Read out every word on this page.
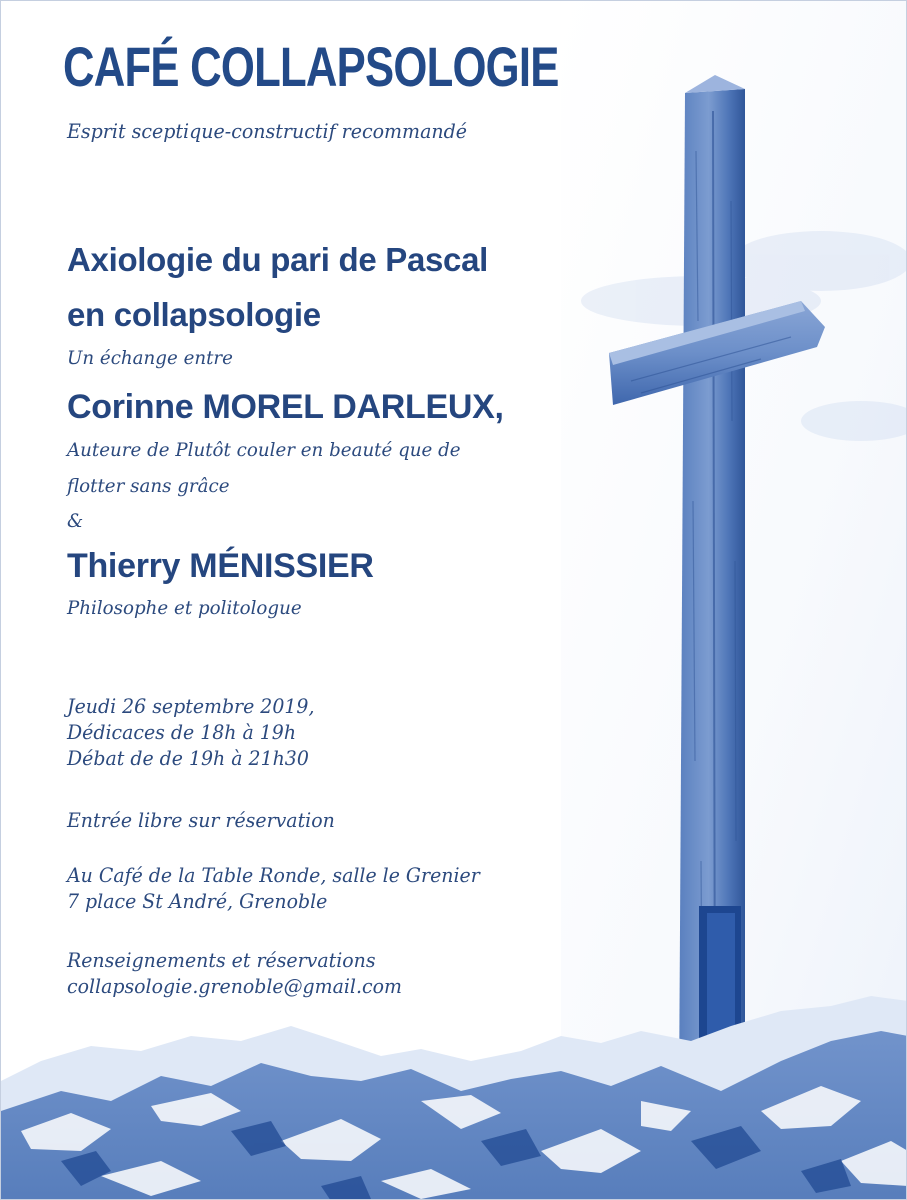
CAFÉ COLLAPSOLOGIE
Esprit sceptique-constructif recommandé
Axiologie du pari de Pascal
en collapsologie
Un échange entre
Corinne MOREL DARLEUX,
Auteure de Plutôt couler en beauté que de
flotter sans grâce
&
Thierry MÉNISSIER
Philosophe et politologue
Jeudi 26 septembre 2019,
Dédicaces de 18h à 19h
Débat de de 19h à 21h30
Entrée libre sur réservation
Au Café de la Table Ronde, salle le Grenier
7 place St André, Grenoble
Renseignements et réservations
collapsologie.grenoble@gmail.com
